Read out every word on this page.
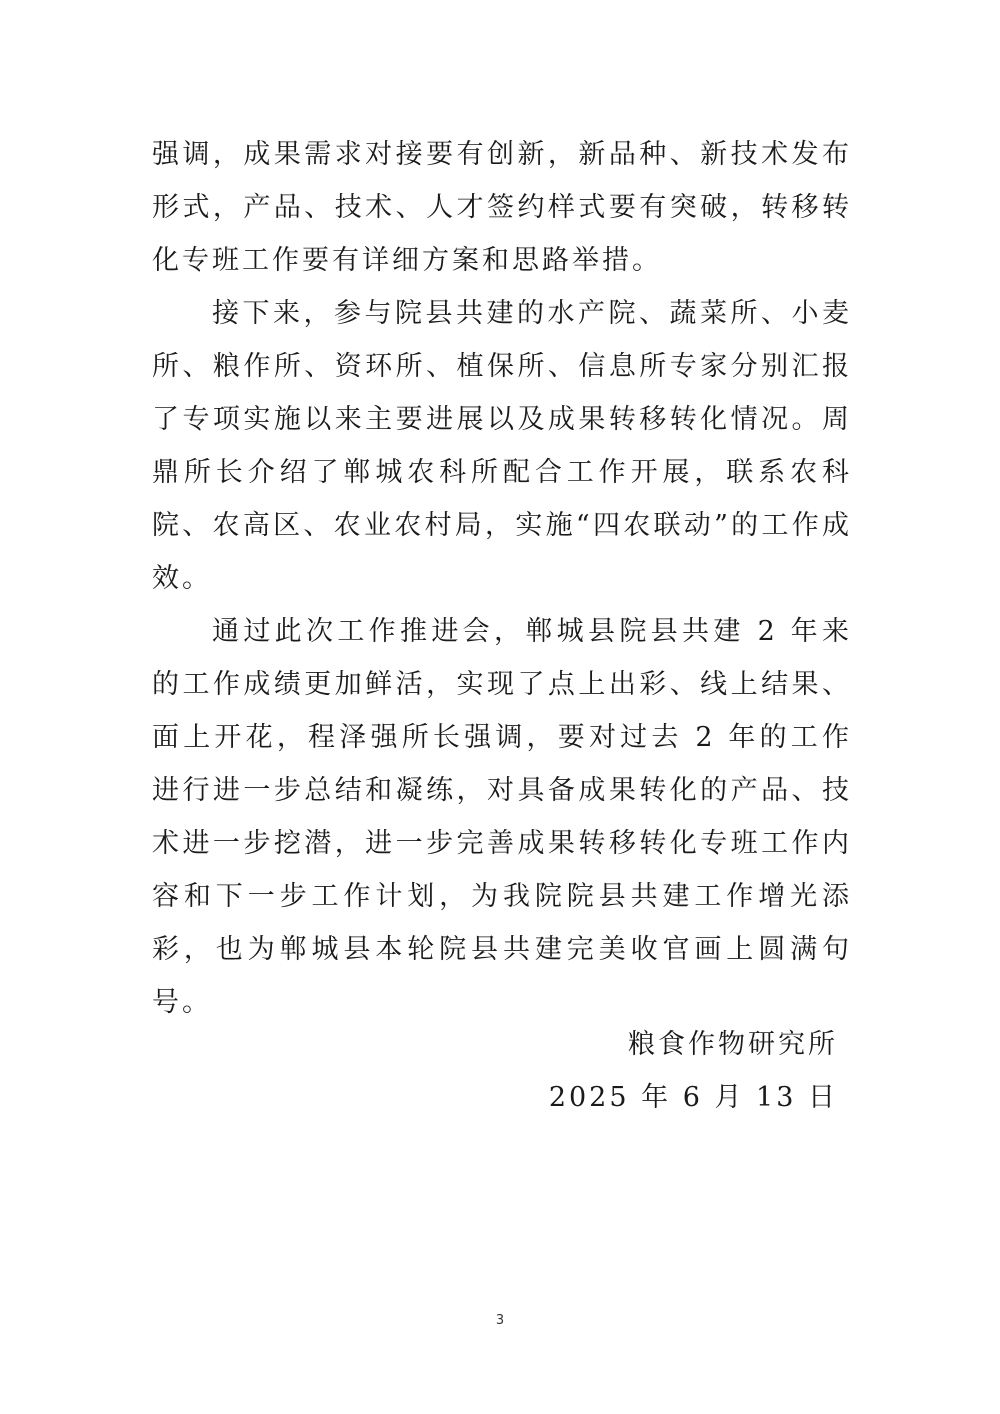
强调，成果需求对接要有创新，新品种、新技术发布形式，产品、技术、人才签约样式要有突破，转移转化专班工作要有详细方案和思路举措。

接下来，参与院县共建的水产院、蔬菜所、小麦所、粮作所、资环所、植保所、信息所专家分别汇报了专项实施以来主要进展以及成果转移转化情况。周鼎所长介绍了郸城农科所配合工作开展，联系农科院、农高区、农业农村局，实施“四农联动”的工作成效。

通过此次工作推进会，郸城县院县共建 2 年来的工作成绩更加鲜活，实现了点上出彩、线上结果、面上开花，程泽强所长强调，要对过去 2 年的工作进行进一步总结和凝练，对具备成果转化的产品、技术进一步挖潜，进一步完善成果转移转化专班工作内容和下一步工作计划，为我院院县共建工作增光添彩，也为郸城县本轮院县共建完美收官画上圆满句号。

粮食作物研究所
2025 年 6 月 13 日
3
